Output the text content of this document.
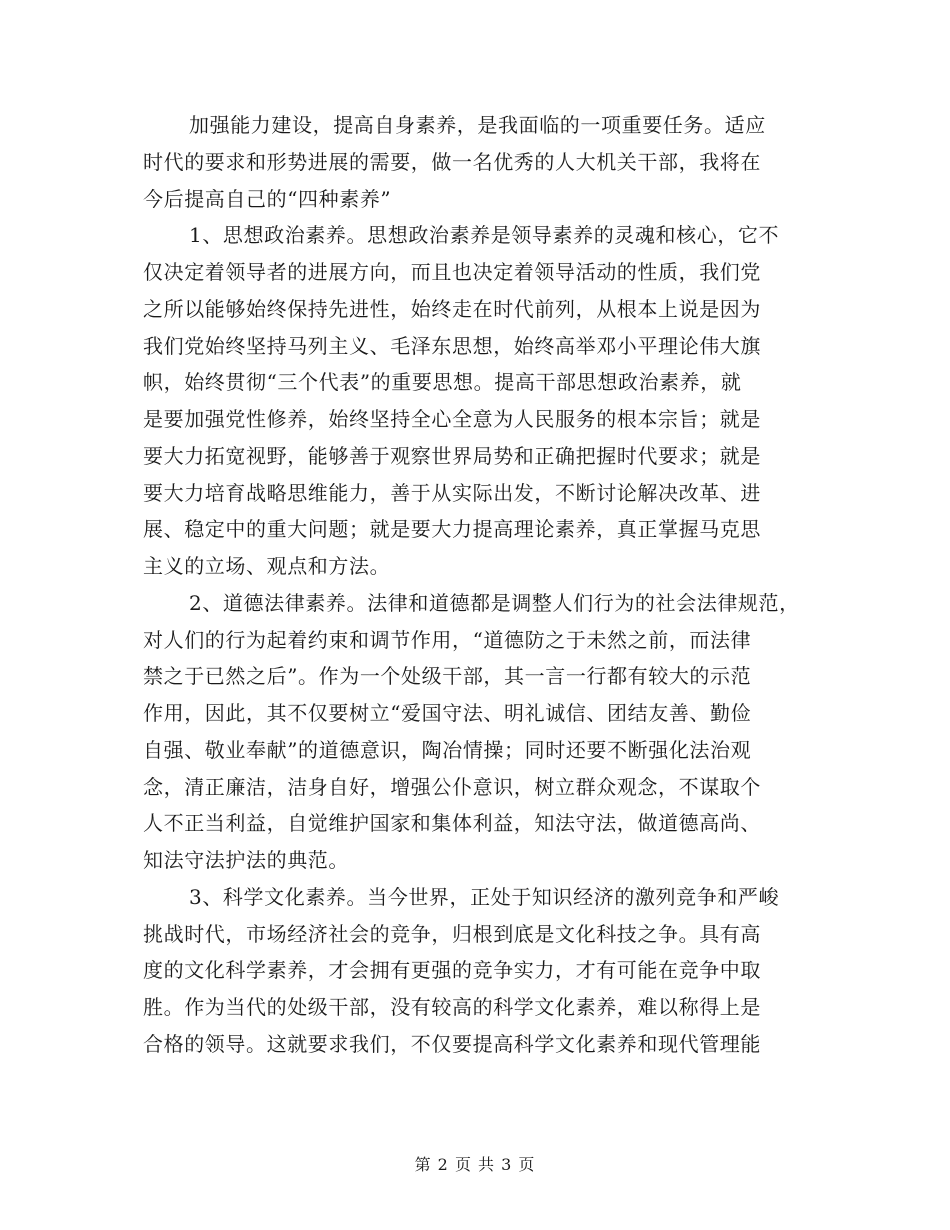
加强能力建设，提高自身素养，是我面临的一项重要任务。适应
时代的要求和形势进展的需要，做一名优秀的人大机关干部，我将在
今后提高自己的“四种素养”
1、思想政治素养。思想政治素养是领导素养的灵魂和核心，它不
仅决定着领导者的进展方向，而且也决定着领导活动的性质，我们党
之所以能够始终保持先进性，始终走在时代前列，从根本上说是因为
我们党始终坚持马列主义、毛泽东思想，始终高举邓小平理论伟大旗
帜，始终贯彻“三个代表”的重要思想。提高干部思想政治素养，就
是要加强党性修养，始终坚持全心全意为人民服务的根本宗旨；就是
要大力拓宽视野，能够善于观察世界局势和正确把握时代要求；就是
要大力培育战略思维能力，善于从实际出发，不断讨论解决改革、进
展、稳定中的重大问题；就是要大力提高理论素养，真正掌握马克思
主义的立场、观点和方法。
2、道德法律素养。法律和道德都是调整人们行为的社会法律规范，
对人们的行为起着约束和调节作用，“道德防之于未然之前，而法律
禁之于已然之后”。作为一个处级干部，其一言一行都有较大的示范
作用，因此，其不仅要树立“爱国守法、明礼诚信、团结友善、勤俭
自强、敬业奉献”的道德意识，陶冶情操；同时还要不断强化法治观
念，清正廉洁，洁身自好，增强公仆意识，树立群众观念，不谋取个
人不正当利益，自觉维护国家和集体利益，知法守法，做道德高尚、
知法守法护法的典范。
3、科学文化素养。当今世界，正处于知识经济的激列竞争和严峻
挑战时代，市场经济社会的竞争，归根到底是文化科技之争。具有高
度的文化科学素养，才会拥有更强的竞争实力，才有可能在竞争中取
胜。作为当代的处级干部，没有较高的科学文化素养，难以称得上是
合格的领导。这就要求我们，不仅要提高科学文化素养和现代管理能
第 2 页 共 3 页
